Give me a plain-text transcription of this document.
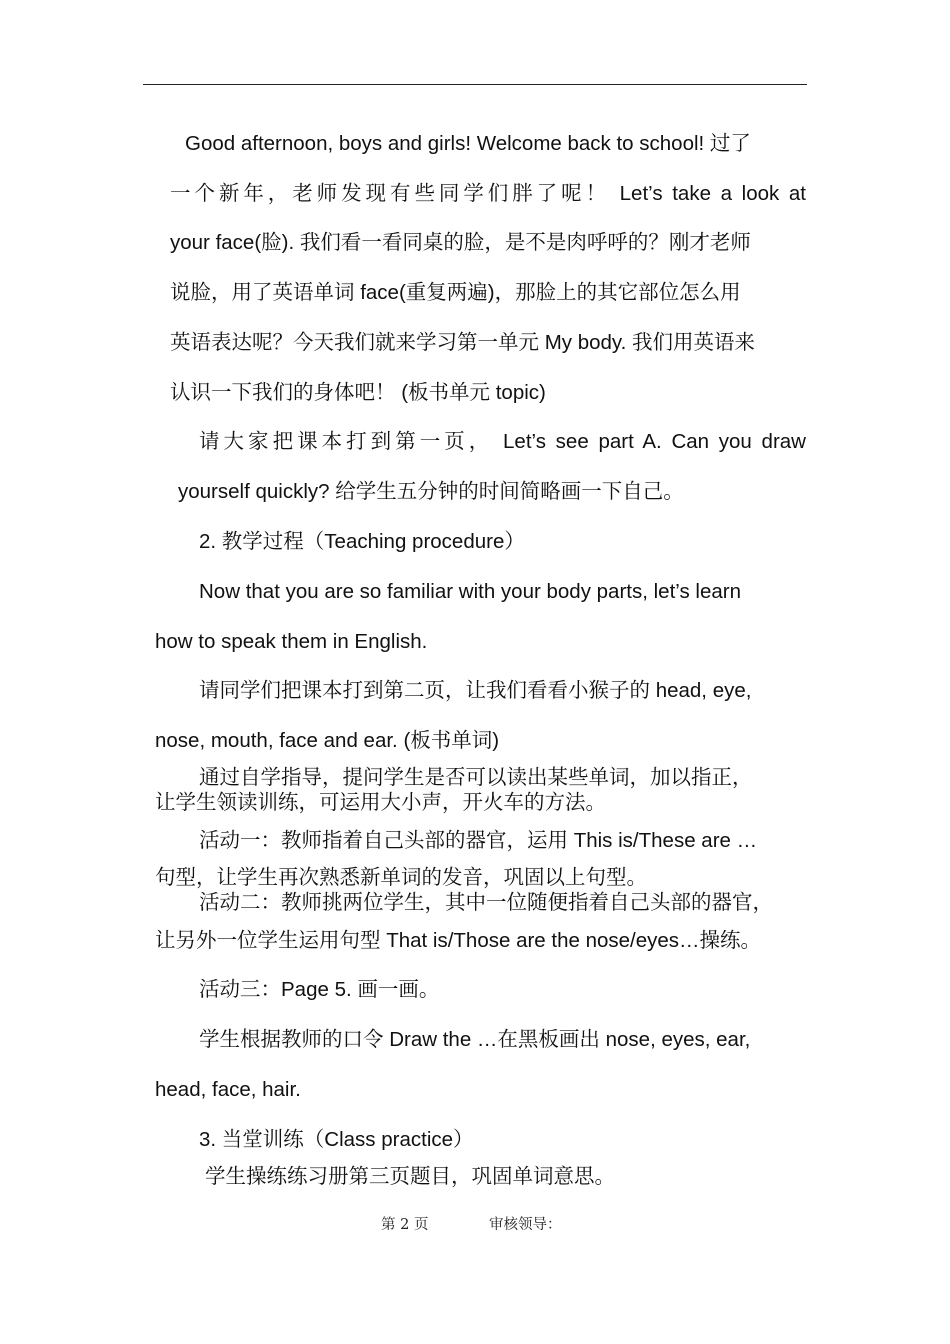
Good afternoon, boys and girls! Welcome back to school! 过了
一个新年，老师发现有些同学们胖了呢！ Let’s take a look at
your face(脸). 我们看一看同桌的脸，是不是肉呼呼的？刚才老师
说脸，用了英语单词 face(重复两遍)，那脸上的其它部位怎么用
英语表达呢？今天我们就来学习第一单元 My body. 我们用英语来
认识一下我们的身体吧！ (板书单元 topic)
请大家把课本打到第一页， Let’s see part A. Can you draw
yourself quickly? 给学生五分钟的时间简略画一下自己。
2. 教学过程（Teaching procedure）
Now that you are so familiar with your body parts, let’s learn
how to speak them in English.
请同学们把课本打到第二页，让我们看看小猴子的 head, eye,
nose, mouth, face and ear. (板书单词)
通过自学指导，提问学生是否可以读出某些单词，加以指正，
让学生领读训练，可运用大小声，开火车的方法。
活动一：教师指着自己头部的器官，运用 This is/These are …
句型，让学生再次熟悉新单词的发音，巩固以上句型。
活动二：教师挑两位学生，其中一位随便指着自己头部的器官，
让另外一位学生运用句型 That is/Those are the nose/eyes…操练。
活动三：Page 5. 画一画。
学生根据教师的口令 Draw the …在黑板画出 nose, eyes, ear,
head, face, hair.
3. 当堂训练（Class practice）
学生操练练习册第三页题目，巩固单词意思。
第 2 页	审核领导：
